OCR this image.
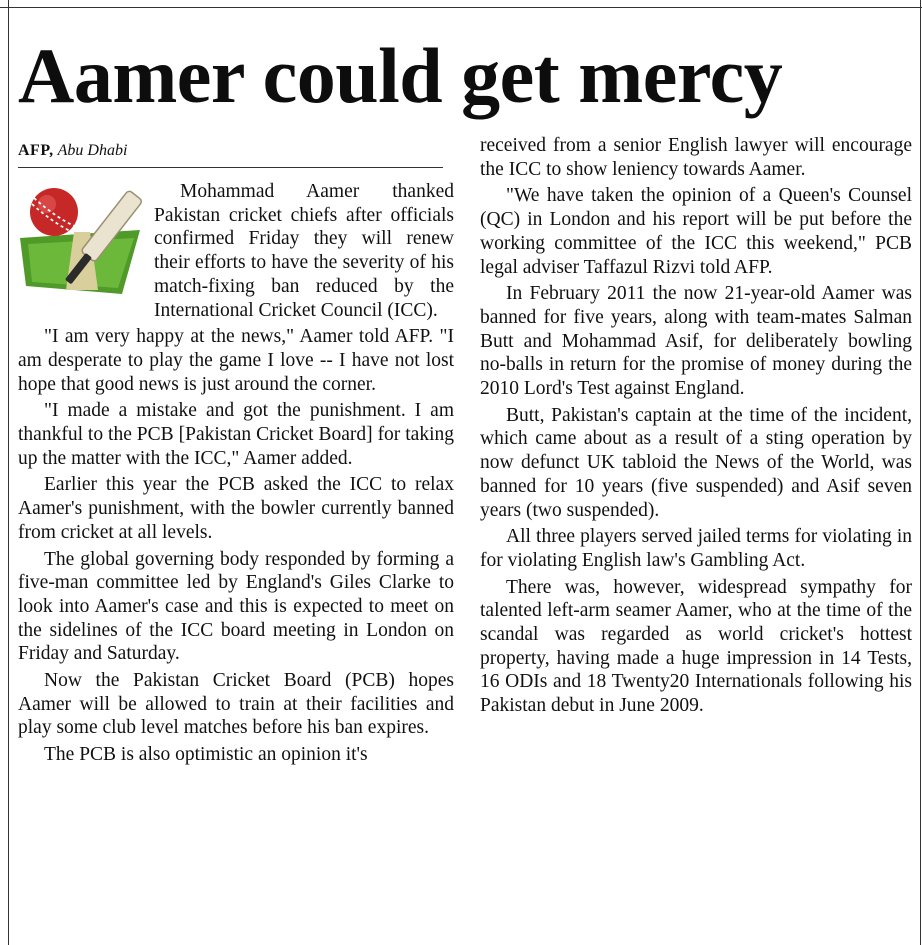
Aamer could get mercy
AFP, Abu Dhabi

Mohammad Aamer thanked Pakistan cricket chiefs after officials confirmed Friday they will renew their efforts to have the severity of his match-fixing ban reduced by the International Cricket Council (ICC).

"I am very happy at the news," Aamer told AFP. "I am desperate to play the game I love -- I have not lost hope that good news is just around the corner.

"I made a mistake and got the punishment. I am thankful to the PCB [Pakistan Cricket Board] for taking up the matter with the ICC," Aamer added.

Earlier this year the PCB asked the ICC to relax Aamer's punishment, with the bowler currently banned from cricket at all levels.

The global governing body responded by forming a five-man committee led by England's Giles Clarke to look into Aamer's case and this is expected to meet on the sidelines of the ICC board meeting in London on Friday and Saturday.

Now the Pakistan Cricket Board (PCB) hopes Aamer will be allowed to train at their facilities and play some club level matches before his ban expires.

The PCB is also optimistic an opinion it's

received from a senior English lawyer will encourage the ICC to show leniency towards Aamer.

"We have taken the opinion of a Queen's Counsel (QC) in London and his report will be put before the working committee of the ICC this weekend," PCB legal adviser Taffazul Rizvi told AFP.

In February 2011 the now 21-year-old Aamer was banned for five years, along with team-mates Salman Butt and Mohammad Asif, for deliberately bowling no-balls in return for the promise of money during the 2010 Lord's Test against England.

Butt, Pakistan's captain at the time of the incident, which came about as a result of a sting operation by now defunct UK tabloid the News of the World, was banned for 10 years (five suspended) and Asif seven years (two suspended).

All three players served jailed terms for violating in for violating English law's Gambling Act.

There was, however, widespread sympathy for talented left-arm seamer Aamer, who at the time of the scandal was regarded as world cricket's hottest property, having made a huge impression in 14 Tests, 16 ODIs and 18 Twenty20 Internationals following his Pakistan debut in June 2009.
